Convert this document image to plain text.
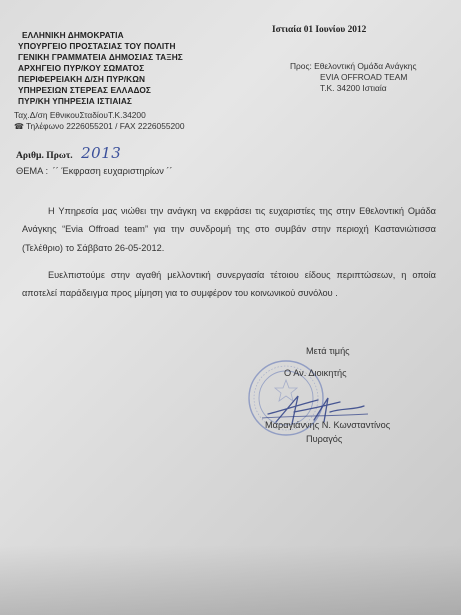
ΕΛΛΗΝΙΚΗ ΔΗΜΟΚΡΑΤΙΑ
ΥΠΟΥΡΓΕΙΟ ΠΡΟΣΤΑΣΙΑΣ ΤΟΥ ΠΟΛΙΤΗ
ΓΕΝΙΚΗ ΓΡΑΜΜΑΤΕΙΑ ΔΗΜΟΣΙΑΣ ΤΑΞΗΣ
ΑΡΧΗΓΕΙΟ ΠΥΡ/ΚΟΥ ΣΩΜΑΤΟΣ
ΠΕΡΙΦΕΡΕΙΑΚΗ Δ/ΣΗ ΠΥΡ/ΚΩΝ
ΥΠΗΡΕΣΙΩΝ ΣΤΕΡΕΑΣ ΕΛΛΑΔΟΣ
ΠΥΡ/ΚΗ ΥΠΗΡΕΣΙΑ ΙΣΤΙΑΙΑΣ
Ταχ.Δ/ση ΕθνικουΣταδίουΤ.Κ.34200
☎ Τηλέφωνο 2226055201 / FAX 2226055200
Ιστιαία 01 Ιουνίου 2012
Προς: Εθελοντική Ομάδα Ανάγκης
EVIA OFFROAD TEAM
Τ.Κ. 34200 Ιστιαία
Αριθμ. Πρωτ. 2013
ΘΕΜΑ : ´´ Έκφραση ευχαριστηρίων ´´

Η Υπηρεσία μας νιώθει την ανάγκη να εκφράσει τις ευχαριστίες της στην Εθελοντική Ομάδα Ανάγκης “Evia Offroad team” για την συνδρομή της στο συμβάν στην περιοχή Καστανιώτισσα (Τελέθριο) το Σάββατο 26-05-2012.

Ευελπιστούμε στην αγαθή μελλοντική συνεργασία τέτοιου είδους περιπτώσεων, η οποία αποτελεί παράδειγμα προς μίμηση για το συμφέρον του κοινωνικού συνόλου .

Μετά τιμής
Ο Αν. Διοικητής
Μαραγιάννης Ν. Κωνσταντίνος
Πυραγός
